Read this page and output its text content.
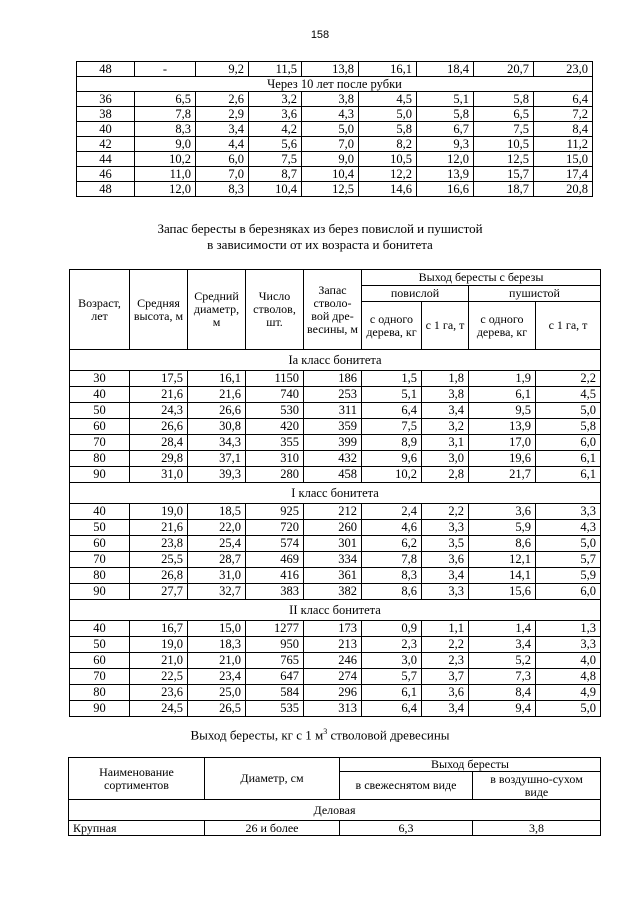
158
48	-	9,2	11,5	13,8	16,1	18,4	20,7	23,0
Через 10 лет после рубки								
36	6,5	2,6	3,2	3,8	4,5	5,1	5,8	6,4
38	7,8	2,9	3,6	4,3	5,0	5,8	6,5	7,2
40	8,3	3,4	4,2	5,0	5,8	6,7	7,5	8,4
42	9,0	4,4	5,6	7,0	8,2	9,3	10,5	11,2
44	10,2	6,0	7,5	9,0	10,5	12,0	12,5	15,0
46	11,0	7,0	8,7	10,4	12,2	13,9	15,7	17,4
48	12,0	8,3	10,4	12,5	14,6	16,6	18,7	20,8
Запас бересты в березняках из берез повислой и пушистой
в зависимости от их возраста и бонитета
Возраст, лет	Средняя высота, м	Средний диаметр, м	Число стволов, шт.	Запас стволо-вой дре-весины, м	Выход бересты с березы			
					повислой		пушистой	
					с одного дерева, кг	с 1 га, т	с одного дерева, кг	с 1 га, т
Iа класс бонитета								
30	17,5	16,1	1150	186	1,5	1,8	1,9	2,2
40	21,6	21,6	740	253	5,1	3,8	6,1	4,5
50	24,3	26,6	530	311	6,4	3,4	9,5	5,0
60	26,6	30,8	420	359	7,5	3,2	13,9	5,8
70	28,4	34,3	355	399	8,9	3,1	17,0	6,0
80	29,8	37,1	310	432	9,6	3,0	19,6	6,1
90	31,0	39,3	280	458	10,2	2,8	21,7	6,1
I класс бонитета								
40	19,0	18,5	925	212	2,4	2,2	3,6	3,3
50	21,6	22,0	720	260	4,6	3,3	5,9	4,3
60	23,8	25,4	574	301	6,2	3,5	8,6	5,0
70	25,5	28,7	469	334	7,8	3,6	12,1	5,7
80	26,8	31,0	416	361	8,3	3,4	14,1	5,9
90	27,7	32,7	383	382	8,6	3,3	15,6	6,0
II класс бонитета								
40	16,7	15,0	1277	173	0,9	1,1	1,4	1,3
50	19,0	18,3	950	213	2,3	2,2	3,4	3,3
60	21,0	21,0	765	246	3,0	2,3	5,2	4,0
70	22,5	23,4	647	274	5,7	3,7	7,3	4,8
80	23,6	25,0	584	296	6,1	3,6	8,4	4,9
90	24,5	26,5	535	313	6,4	3,4	9,4	5,0
Выход бересты, кг с 1 $м^3$ стволовой древесины
Наименование сортиментов	Диаметр, см	Выход бересты	
		в свежеснятом виде	в воздушно-сухом виде
Деловая			
Крупная	26 и более	6,3	3,8
